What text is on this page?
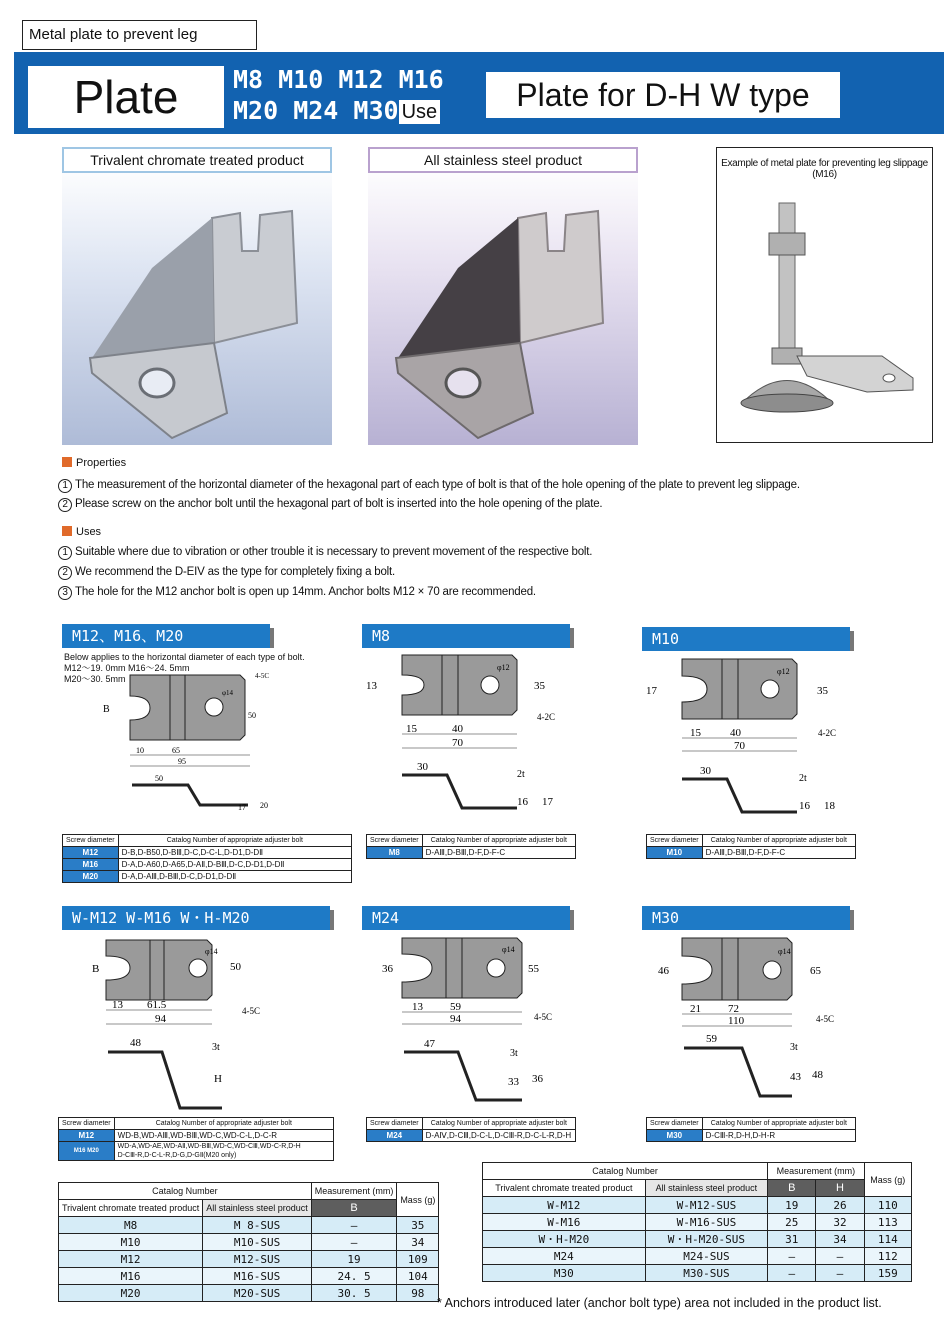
Metal plate to prevent leg
Plate	M8 M10 M12 M16
M20 M24 M30 Use	Plate for D-H W type
Trivalent chromate treated product	All stainless steel product	Example of metal plate for preventing leg slippage (M16)
Properties
1 The measurement of the horizontal diameter of the hexagonal part of each type of bolt is that of the hole opening of the plate to prevent leg slippage.
2 Please screw on the anchor bolt until the hexagonal part of bolt is inserted into the hole opening of the plate.
Uses
1 Suitable where due to vibration or other trouble it is necessary to prevent movement of the respective bolt.
2 We recommend the D-EIV as the type for completely fixing a bolt.
3 The hole for the M12 anchor bolt is open up 14mm. Anchor bolts M12 × 70 are recommended.
M12、M16、M20	M8	M10
W-M12 W-M16 W・H-M20	M24	M30
Below applies to the horizontal diameter of each type of bolt.
M12～19. 0mm M16～24. 5mm
M20～30. 5mm
B
50
4-5C
φ14
10	65
95
50
17 20
13	35
φ12
4-2C
15	40
70
30
2t
16 17
17	35
φ12
4-2C
15	40
70
30
2t
16 18
Screw diameter	Catalog Number of appropriate adjuster bolt
M12	D-B,D-B50,D-BⅢ,D-C,D-C-L,D-D1,D-DⅡ
M16	D-A,D-A60,D-A65,D-AⅡ,D-BⅢ,D-C,D-D1,D-DⅡ
M20	D-A,D-AⅢ,D-BⅢ,D-C,D-D1,D-DⅡ
Screw diameter	Catalog Number of appropriate adjuster bolt
M8	D-AⅢ,D-BⅢ,D-F,D-F-C
Screw diameter	Catalog Number of appropriate adjuster bolt
M10	D-AⅢ,D-BⅢ,D-F,D-F-C
B	50
φ14
4-5C
13 61.5
94
48	3t
H
36	55
φ14
4-5C
13 59
94
47
3t
33 36
46	65
φ14
4-5C
21 72
110
59
3t
43 48
Screw diameter	Catalog Number of appropriate adjuster bolt
M12	WD-B,WD-AⅢ,WD-BⅢ,WD-C,WD-C-L,D-C-R
M16 M20	WD-A,WD-AE,WD-AⅡ,WD-BⅢ,WD-C,WD-CⅢ,WD-C-R,D-H
D-CⅢ-R,D-C-L-R,D-G,D-GⅡ(M20 only)
Screw diameter	Catalog Number of appropriate adjuster bolt
M24	D-AⅣ,D-CⅢ,D-C-L,D-CⅢ-R,D-C-L-R,D-H
Screw diameter	Catalog Number of appropriate adjuster bolt
M30	D-CⅢ-R,D-H,D-H-R
Catalog Number		Measurement (mm)	Mass (g)
Trivalent chromate treated product	All stainless steel product	B	
M8	M 8-SUS	—	35
M10	M10-SUS	—	34
M12	M12-SUS	19	109
M16	M16-SUS	24. 5	104
M20	M20-SUS	30. 5	98
Catalog Number		Measurement (mm)		Mass (g)
Trivalent chromate treated product	All stainless steel product	B	H	
W-M12	W-M12-SUS	19	26	110
W-M16	W-M16-SUS	25	32	113
W・H-M20	W・H-M20-SUS	31	34	114
M24	M24-SUS	—	—	112
M30	M30-SUS	—	—	159
* Anchors introduced later (anchor bolt type) area not included in the product list.
